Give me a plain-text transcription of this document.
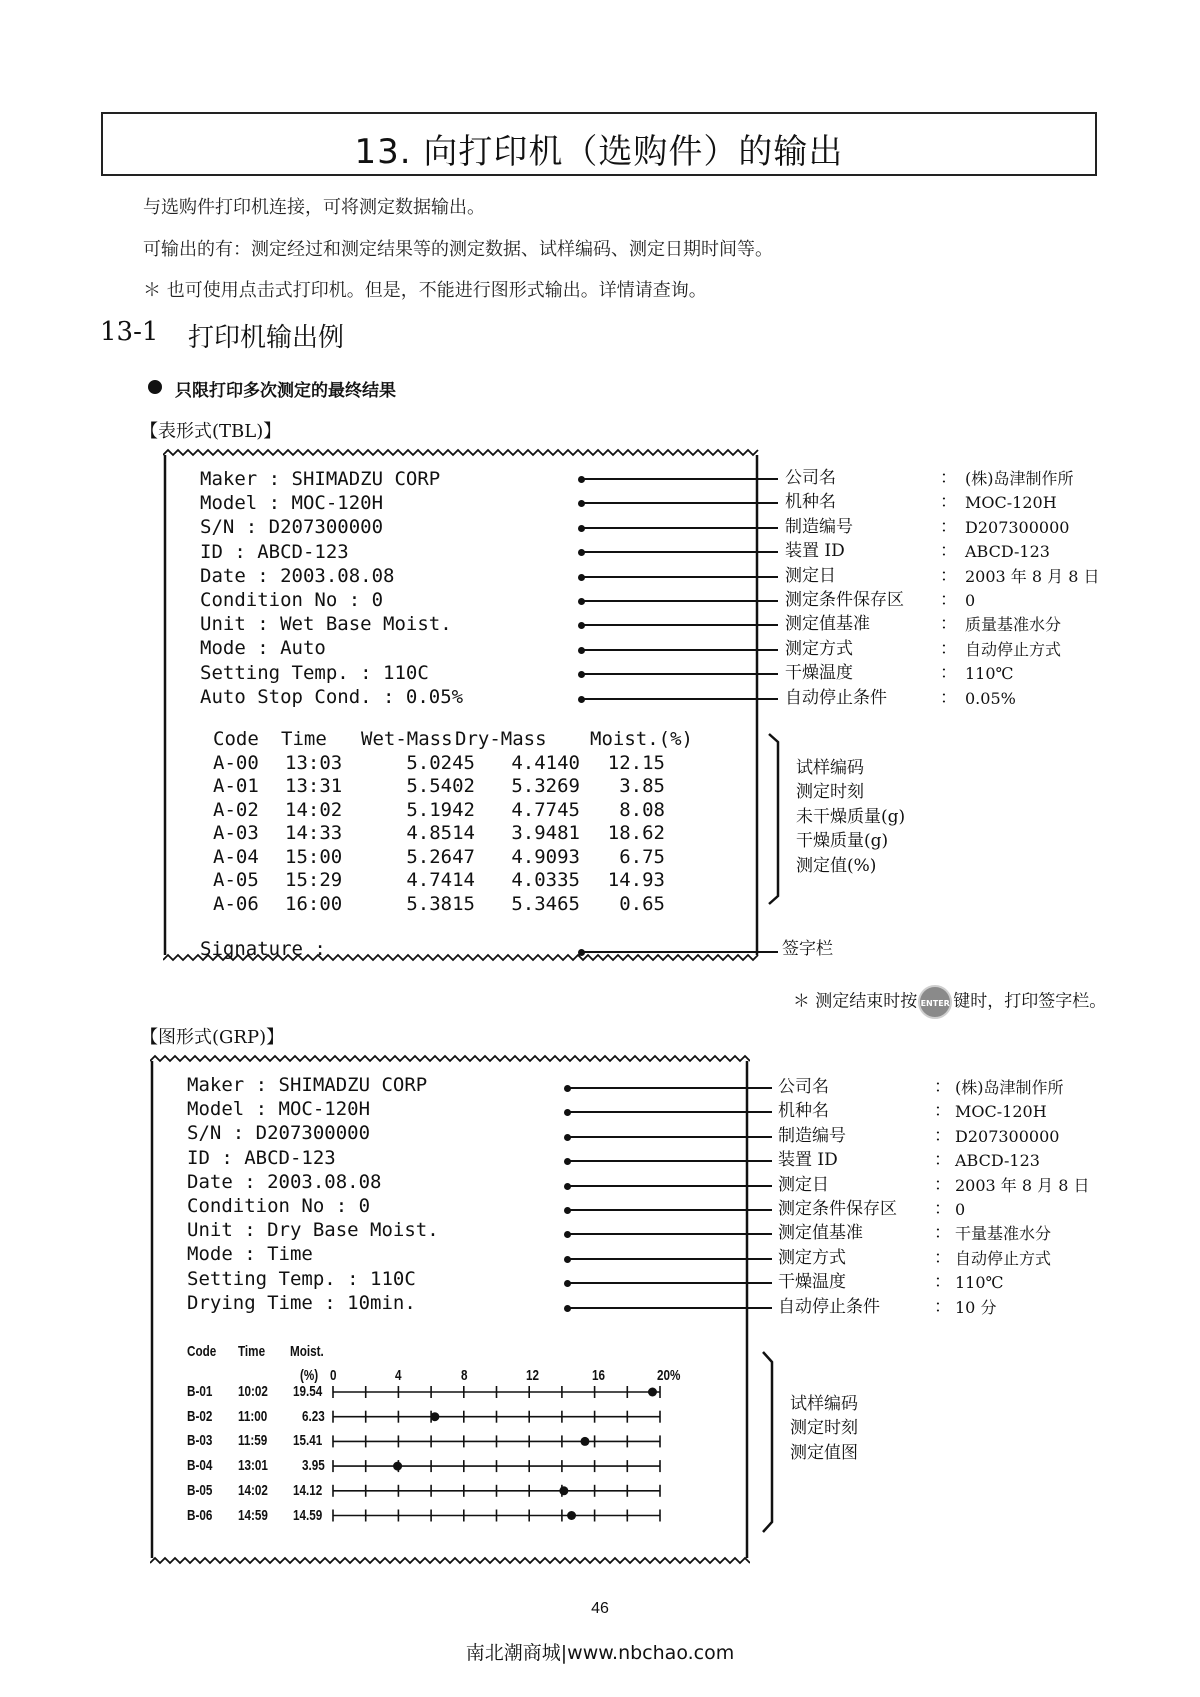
13. 向打印机（选购件）的输出
与选购件打印机连接，可将测定数据输出。
可输出的有：测定经过和测定结果等的测定数据、试样编码、测定日期时间等。
＊ 也可使用点击式打印机。但是，不能进行图形式输出。详情请查询。
13-1 打印机输出例
只限打印多次测定的最终结果
【表形式(TBL)】
Maker : SHIMADZU CORP
Model : MOC-120H
S/N : D207300000
ID : ABCD-123
Date : 2003.08.08
Condition No : 0
Unit : Wet Base Moist.
Mode : Auto
Setting Temp. : 110C
Auto Stop Cond. : 0.05%
Code Time Wet-Mass Dry-Mass Moist.(%)
A-00 13:03	5.0245	4.4140	12.15
A-01 13:31	5.5402	5.3269	3.85
A-02 14:02	5.1942	4.7745	8.08
A-03 14:33	4.8514	3.9481	18.62
A-04 15:00	5.2647	4.9093	6.75
A-05 15:29	4.7414	4.0335	14.93
A-06 16:00	5.3815	5.3465	0.65
Signature :
公司名	： (株)岛津制作所
机种名	： MOC-120H
制造编号	： D207300000
装置 ID	： ABCD-123
测定日	： 2003 年 8 月 8 日
测定条件保存区 ： 0
测定值基准	： 质量基准水分
测定方式	： 自动停止方式
干燥温度	： 110℃
自动停止条件	： 0.05%
试样编码
测定时刻
未干燥质量(g)
干燥质量(g)
测定值(%)
签字栏

＊ 测定结束时按 ENTER 键时，打印签字栏。

【图形式(GRP)】
Maker : SHIMADZU CORP
Model : MOC-120H
S/N : D207300000
ID : ABCD-123
Date : 2003.08.08
Condition No : 0
Unit : Dry Base Moist.
Mode : Time
Setting Temp. : 110C
Drying Time : 10min.
公司名	： (株)岛津制作所
机种名	： MOC-120H
制造编号	： D207300000
装置 ID	： ABCD-123
测定日	： 2003 年 8 月 8 日
测定条件保存区 ： 0
测定值基准	： 干量基准水分
测定方式	： 自动停止方式
干燥温度	： 110℃
自动停止条件	： 10 分
试样编码
测定时刻
测定值图
Code Time Moist.
(%) 0	4	8	12	16	20%
B-01 10:02 19.54
B-02 11:00 6.23
B-03 11:59 15.41
B-04 13:01 3.95
B-05 14:02 14.12
B-06 14:59 14.59
46
南北潮商城|www.nbchao.com
